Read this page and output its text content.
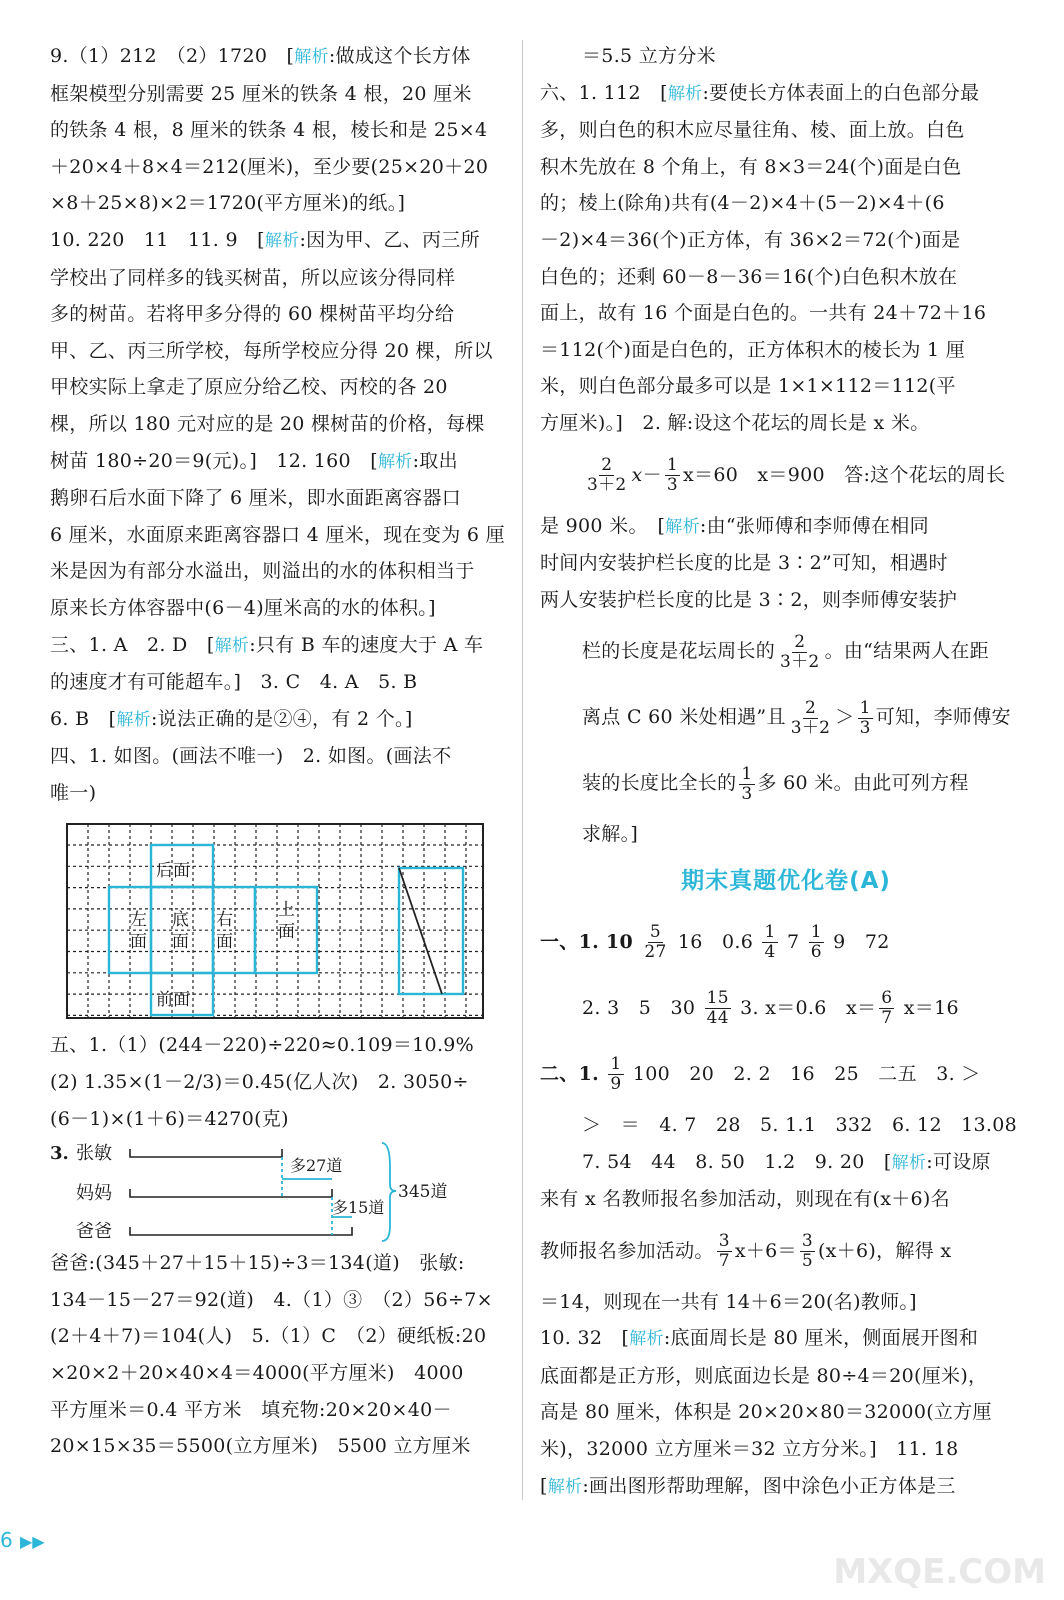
9.（1）212　（2）1720　[解析:做成这个长方体
框架模型分别需要 25 厘米的铁条 4 根，20 厘米
的铁条 4 根，8 厘米的铁条 4 根，棱长和是 25×4
＋20×4＋8×4＝212(厘米)，至少要(25×20＋20
×8＋25×8)×2＝1720(平方厘米)的纸。]
10. 220　11　11. 9　[解析:因为甲、乙、丙三所
学校出了同样多的钱买树苗，所以应该分得同样
多的树苗。若将甲多分得的 60 棵树苗平均分给
甲、乙、丙三所学校，每所学校应分得 20 棵，所以
甲校实际上拿走了原应分给乙校、丙校的各 20
棵，所以 180 元对应的是 20 棵树苗的价格，每棵
树苗 180÷20＝9(元)。]　12. 160　[解析:取出
鹅卵石后水面下降了 6 厘米，即水面距离容器口
6 厘米，水面原来距离容器口 4 厘米，现在变为 6 厘
米是因为有部分水溢出，则溢出的水的体积相当于
原来长方体容器中(6－4)厘米高的水的体积。]
三、1. A　2. D　[解析:只有 B 车的速度大于 A 车
的速度才有可能超车。]　3. C　4. A　5. B
6. B　[解析:说法正确的是②④，有 2 个。]
四、1. 如图。(画法不唯一)　2. 如图。(画法不
唯一)
后面
左
面
底
面
右
面
上
面
前面
五、1.（1）(244－220)÷220≈0.109＝10.9%
(2) 1.35×(1－2/3)＝0.45(亿人次)　2. 3050÷
(6－1)×(1＋6)＝4270(克)
3. 张敏
妈妈
爸爸
多27道
多15道
345道
爸爸:(345＋27＋15＋15)÷3＝134(道)　张敏:
134－15－27＝92(道)　4.（1）③　（2）56÷7×
(2＋4＋7)＝104(人)　5.（1）C　（2）硬纸板:20
×20×2＋20×40×4＝4000(平方厘米)　4000
平方厘米＝0.4 平方米　填充物:20×20×40－
20×15×35＝5500(立方厘米)　5500 立方厘米
＝5.5 立方分米
六、1. 112　[解析:要使长方体表面上的白色部分最
多，则白色的积木应尽量往角、棱、面上放。白色
积木先放在 8 个角上，有 8×3＝24(个)面是白色
的；棱上(除角)共有(4－2)×4＋(5－2)×4＋(6
－2)×4＝36(个)正方体，有 36×2＝72(个)面是
白色的；还剩 60－8－36＝16(个)白色积木放在
面上，故有 16 个面是白色的。一共有 24＋72＋16
＝112(个)面是白色的，正方体积木的棱长为 1 厘
米，则白色部分最多可以是 1×1×112＝112(平
方厘米)。]　2. 解:设这个花坛的周长是 x 米。
$\frac{2}{3+2} x- \frac{1}{3} x=60$　x＝900　答:这个花坛的周长
是 900 米。　[解析:由“张师傅和李师傅在相同
时间内安装护栏长度的比是 3∶2”可知，相遇时
两人安装护栏长度的比是 3∶2，则李师傅安装护
栏的长度是花坛周长的 $\frac{2}{3+2}$ 。由“结果两人在距
离点 C 60 米处相遇”且 $\frac{2}{3+2} > \frac{1}{3}$ 可知，李师傅安
装的长度比全长的 $\frac{1}{3}$ 多 60 米。由此可列方程
求解。]
期末真题优化卷(A)
一、1. $10 \frac{5}{27} 16$　 $0.6 \frac{1}{4} 7 \frac{1}{6} 9$　 72
2. 3　5　$30 \frac{15}{44} 3$. x＝0.6　$x= \frac{6}{7} x=16$
二、1. $\frac{1}{9} 100$　20　2. 2　16　25　二五　3. ＞
＞　＝　4. 7　28　5. 1.1　332　6. 12　13.08
7. 54　44　8. 50　1.2　9. 20　[解析:可设原
来有 x 名教师报名参加活动，则现在有(x＋6)名
教师报名参加活动。 $\frac{3}{7} x+6= \frac{3}{5} (x+6)$，解得 x
＝14，则现在一共有 14＋6＝20(名)教师。]
10. 32　[解析:底面周长是 80 厘米，侧面展开图和
底面都是正方形，则底面边长是 80÷4＝20(厘米)，
高是 80 厘米，体积是 20×20×80＝32000(立方厘
米)，32000 立方厘米＝32 立方分米。]　11. 18
[解析:画出图形帮助理解，图中涂色小正方体是三
▶▶
6
MXQE.COM
